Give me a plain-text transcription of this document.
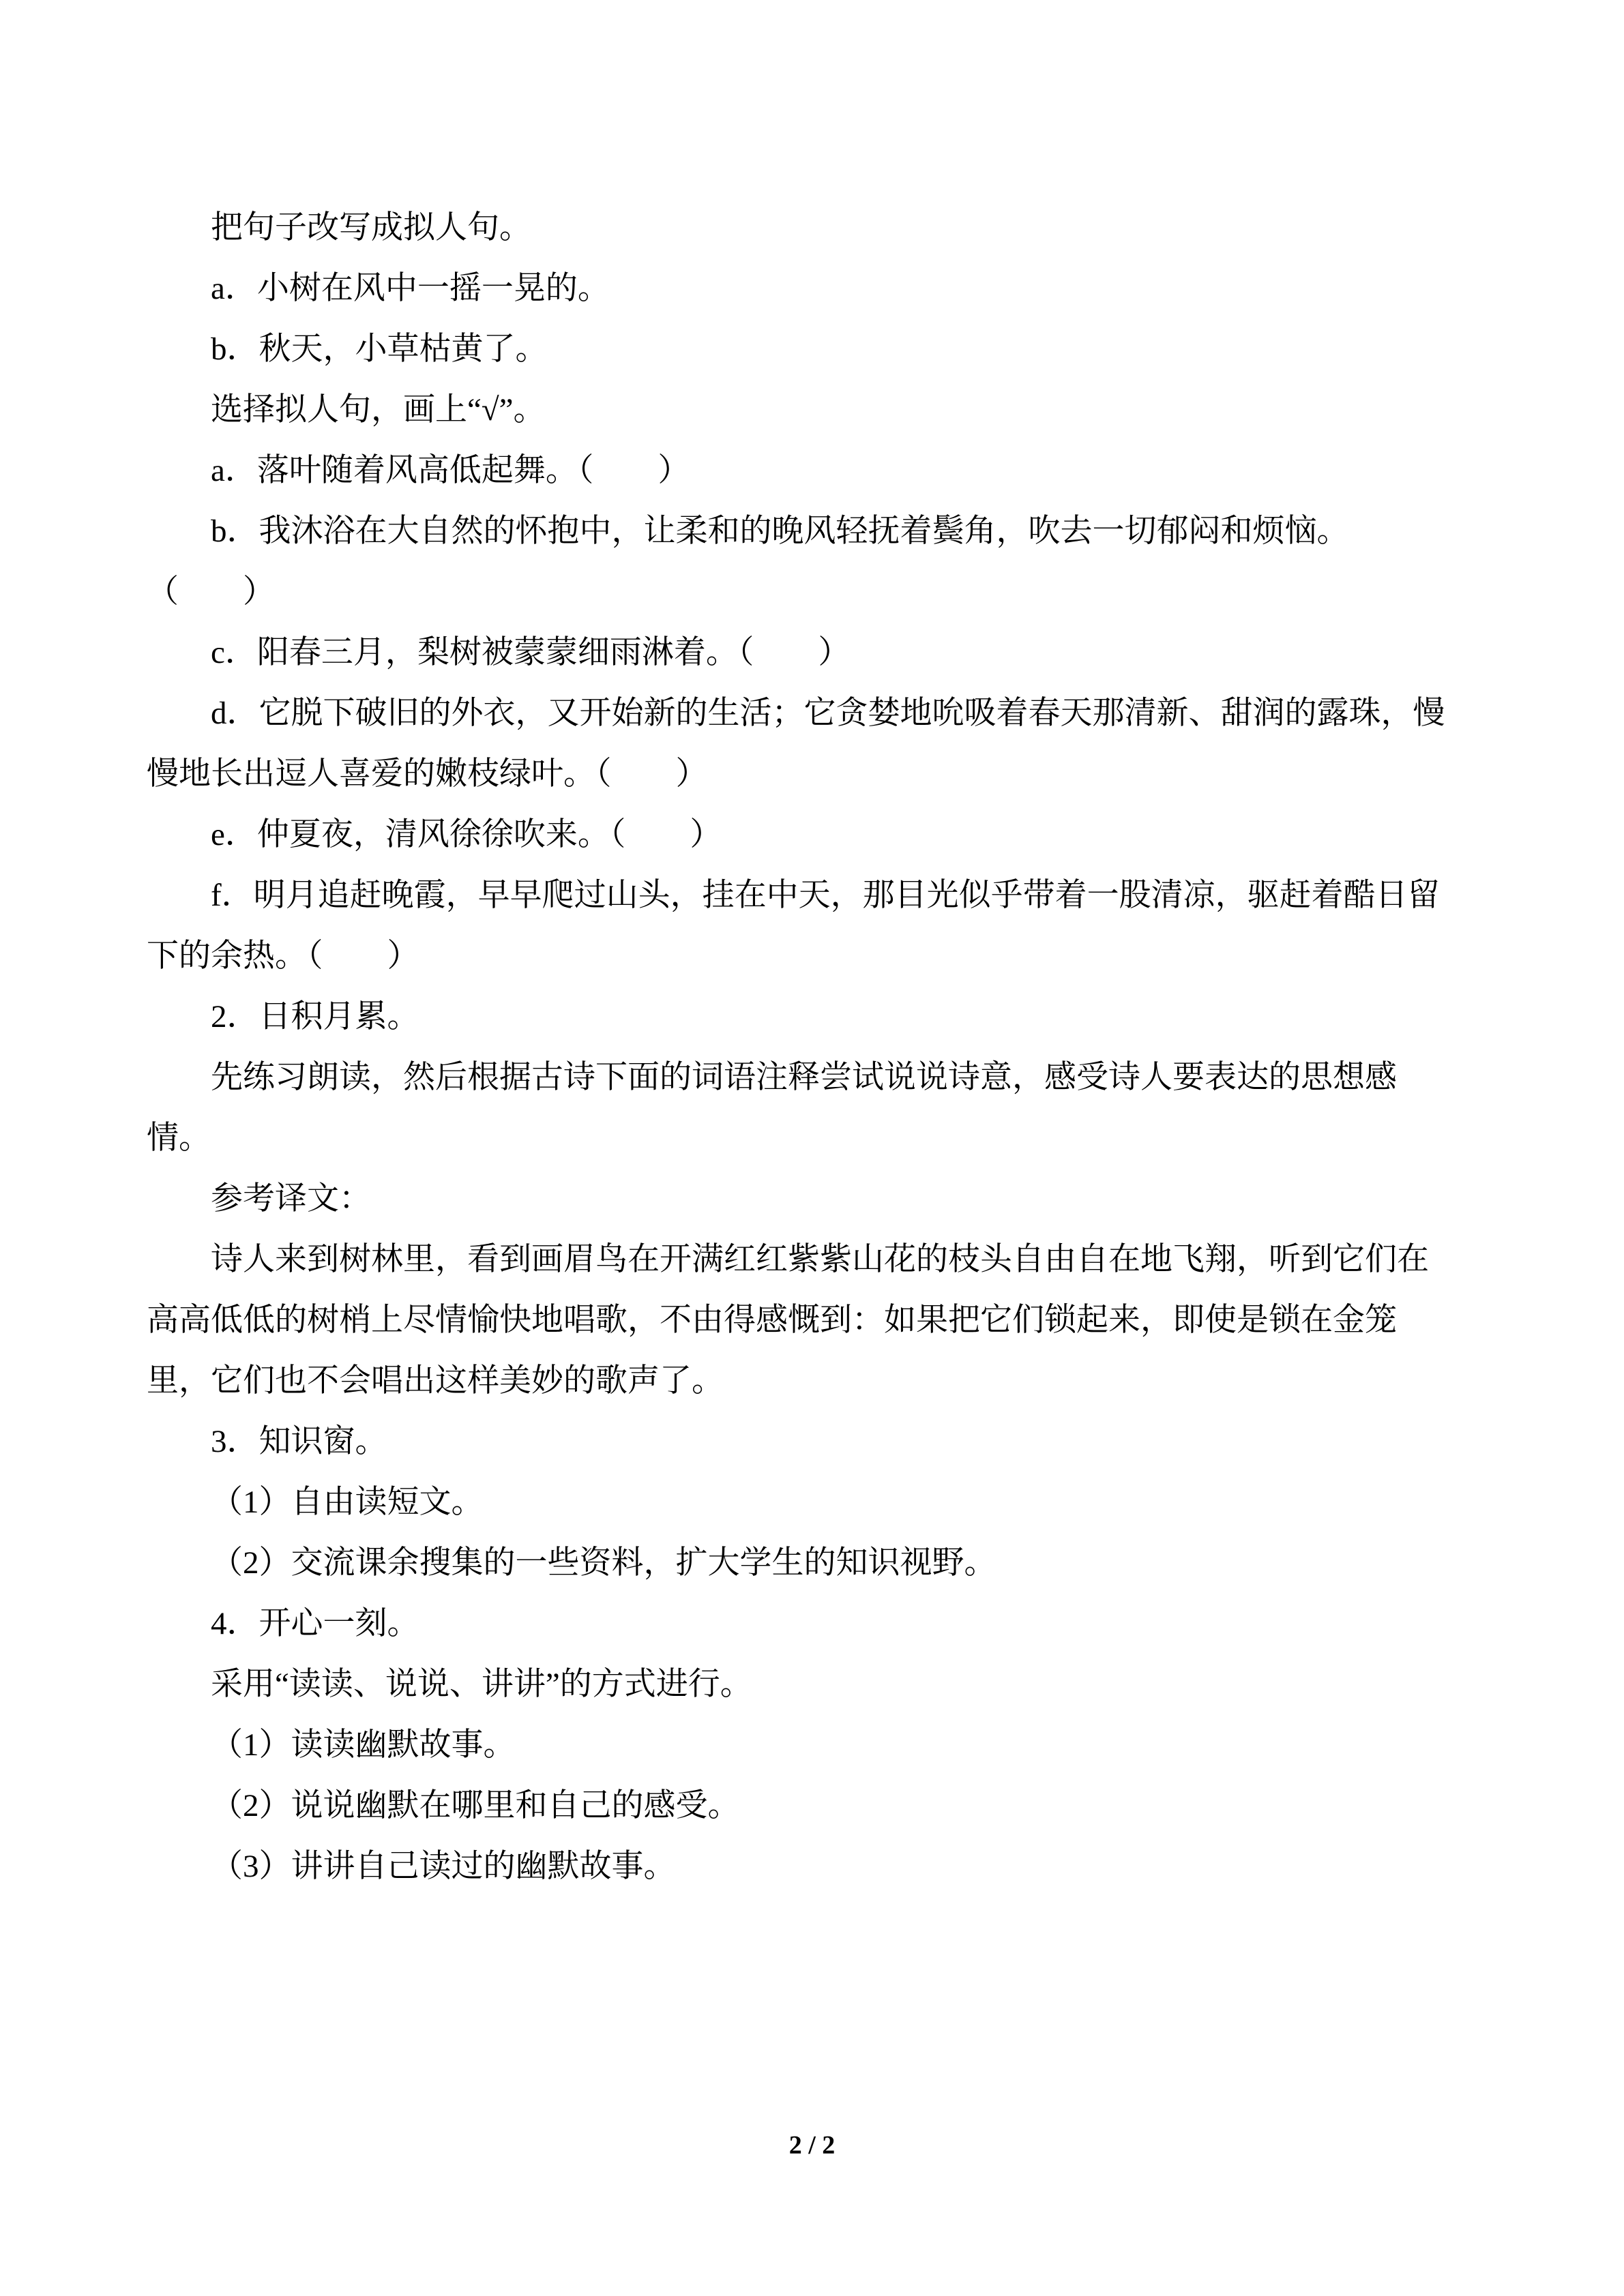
把句子改写成拟人句。

a．小树在风中一摇一晃的。

b．秋天，小草枯黄了。

选择拟人句，画上“√”。

a．落叶随着风高低起舞。（　　）

b．我沐浴在大自然的怀抱中，让柔和的晚风轻抚着鬓角，吹去一切郁闷和烦恼。

（　　）

c．阳春三月，梨树被蒙蒙细雨淋着。（　　）

d．它脱下破旧的外衣，又开始新的生活；它贪婪地吮吸着春天那清新、甜润的露珠，慢

慢地长出逗人喜爱的嫩枝绿叶。（　　）

e．仲夏夜，清风徐徐吹来。（　　）

f．明月追赶晚霞，早早爬过山头，挂在中天，那目光似乎带着一股清凉，驱赶着酷日留

下的余热。（　　）

2．日积月累。

先练习朗读，然后根据古诗下面的词语注释尝试说说诗意，感受诗人要表达的思想感

情。

参考译文：

诗人来到树林里，看到画眉鸟在开满红红紫紫山花的枝头自由自在地飞翔，听到它们在

高高低低的树梢上尽情愉快地唱歌，不由得感慨到：如果把它们锁起来，即使是锁在金笼

里，它们也不会唱出这样美妙的歌声了。

3．知识窗。

（1）自由读短文。

（2）交流课余搜集的一些资料，扩大学生的知识视野。

4．开心一刻。

采用“读读、说说、讲讲”的方式进行。

（1）读读幽默故事。

（2）说说幽默在哪里和自己的感受。

（3）讲讲自己读过的幽默故事。

2 / 2
